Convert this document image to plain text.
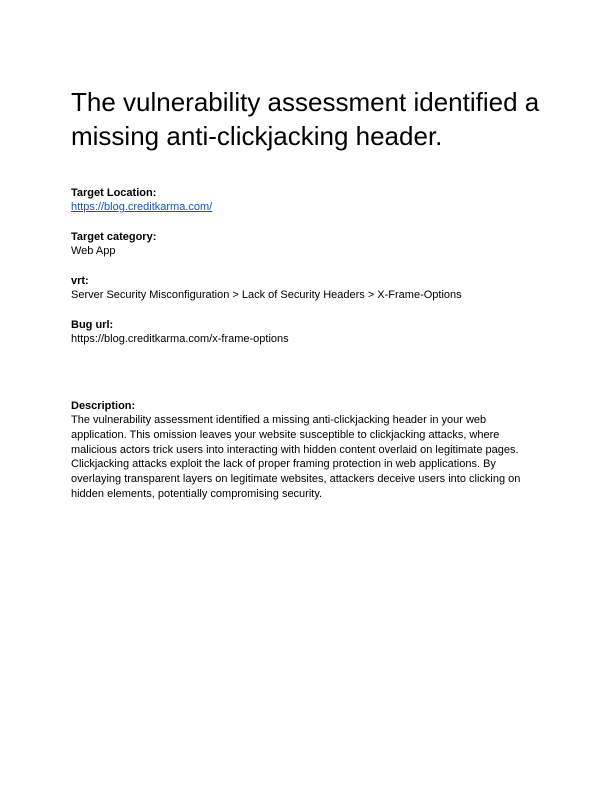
The vulnerability assessment identified a missing anti-clickjacking header.
Target Location:
https://blog.creditkarma.com/
Target category:
Web App
vrt:
Server Security Misconfiguration > Lack of Security Headers > X-Frame-Options
Bug url:
https://blog.creditkarma.com/x-frame-options
Description:

The vulnerability assessment identified a missing anti-clickjacking header in your web application. This omission leaves your website susceptible to clickjacking attacks, where malicious actors trick users into interacting with hidden content overlaid on legitimate pages. Clickjacking attacks exploit the lack of proper framing protection in web applications. By overlaying transparent layers on legitimate websites, attackers deceive users into clicking on hidden elements, potentially compromising security.
